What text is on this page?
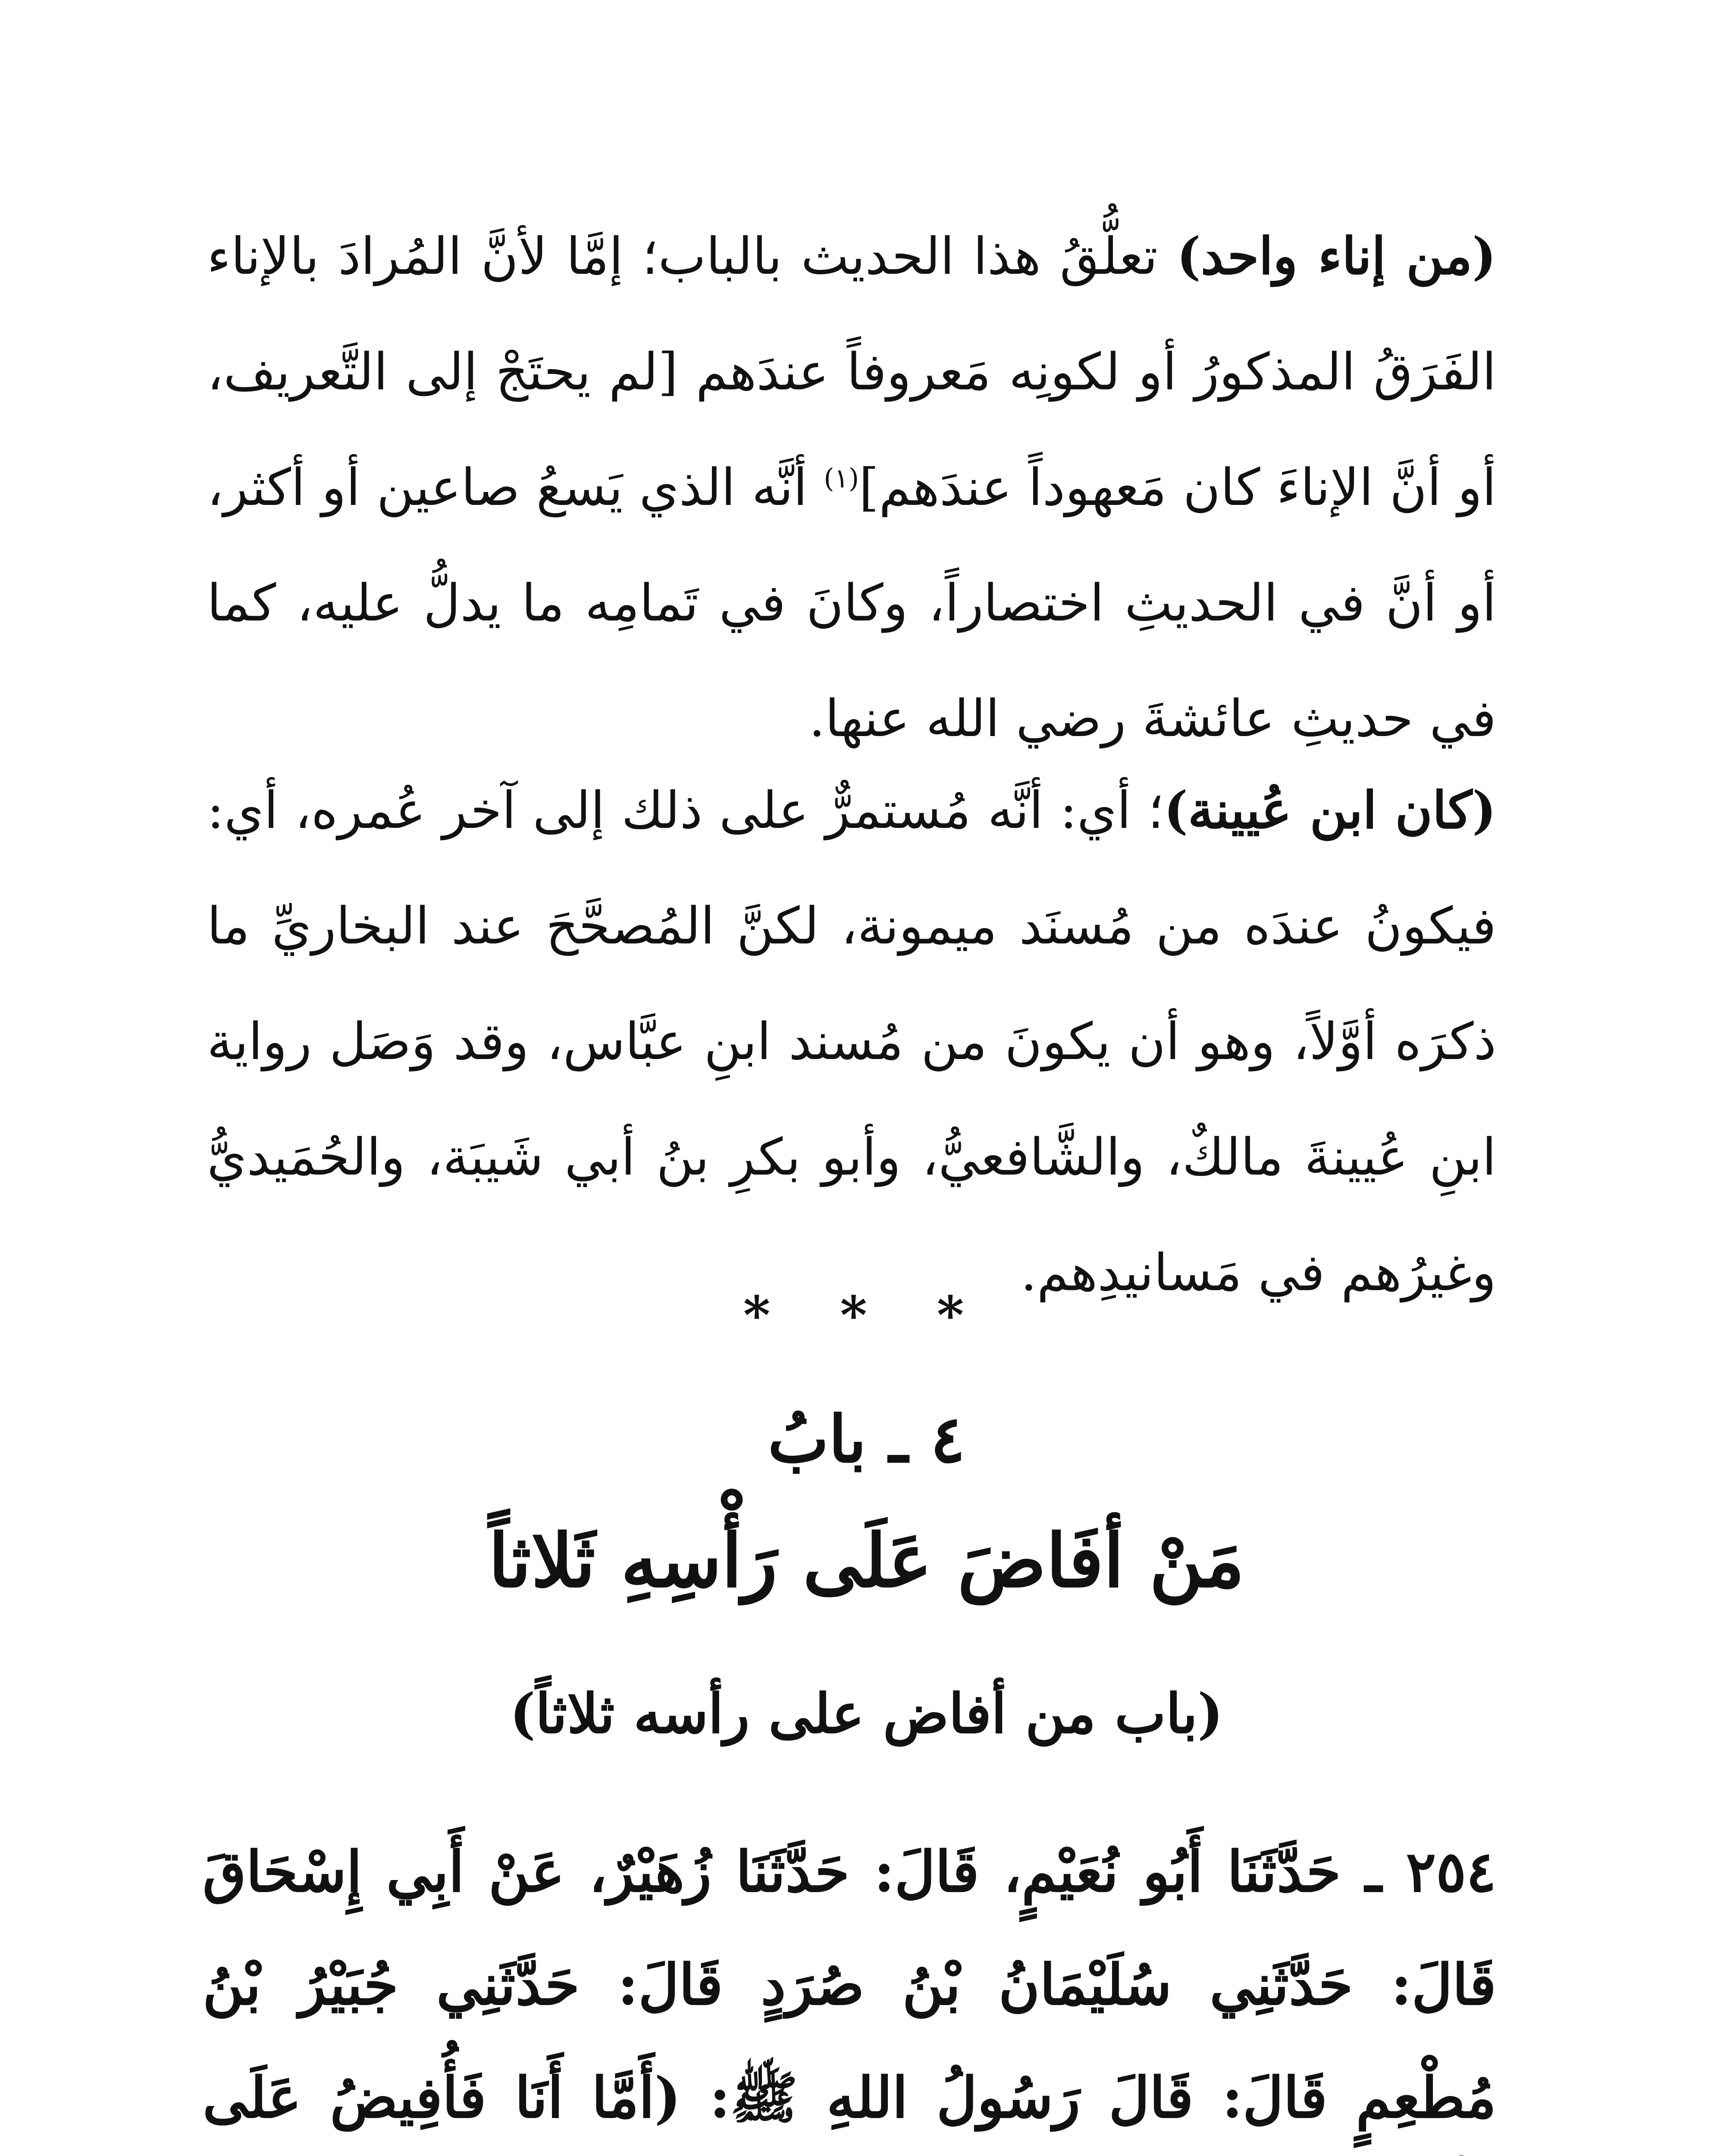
(من إناء واحد) تعلُّقُ هذا الحديث بالباب؛ إمَّا لأنَّ المُرادَ بالإناء الفَرَقُ المذكورُ أو لكونِه مَعروفاً عندَهم [لم يحتَجْ إلى التَّعريف، أو أنَّ الإناءَ كان مَعهوداً عندَهم]$^{(١)}$ أنَّه الذي يَسعُ صاعين أو أكثر، أو أنَّ في الحديثِ اختصاراً، وكانَ في تَمامِه ما يدلُّ عليه، كما في حديثِ عائشةَ رضي الله عنها.

(كان ابن عُيينة)؛ أي: أنَّه مُستمرٌّ على ذلك إلى آخر عُمره، أي: فيكونُ عندَه من مُسنَد ميمونة، لكنَّ المُصحَّحَ عند البخاريِّ ما ذكرَه أوَّلاً، وهو أن يكونَ من مُسند ابنِ عبَّاس، وقد وَصَل رواية ابنِ عُيينةَ مالكٌ، والشَّافعيُّ، وأبو بكرِ بنُ أبي شَيبَة، والحُمَيديُّ وغيرُهم في مَسانيدِهم.

* * *
٤ ـ بابُ
مَنْ أفَاضَ عَلَى رَأْسِهِ ثَلاثاً
(باب من أفاض على رأسه ثلاثاً)

٢٥٤ ـ حَدَّثَنَا أَبُو نُعَيْمٍ، قَالَ: حَدَّثَنَا زُهَيْرٌ، عَنْ أَبِي إِسْحَاقَ قَالَ: حَدَّثَنِي سُلَيْمَانُ بْنُ صُرَدٍ قَالَ: حَدَّثَنِي جُبَيْرُ بْنُ مُطْعِمٍ قَالَ: قَالَ رَسُولُ اللهِ ﷺ: (أَمَّا أَنَا فَأُفِيضُ عَلَى
